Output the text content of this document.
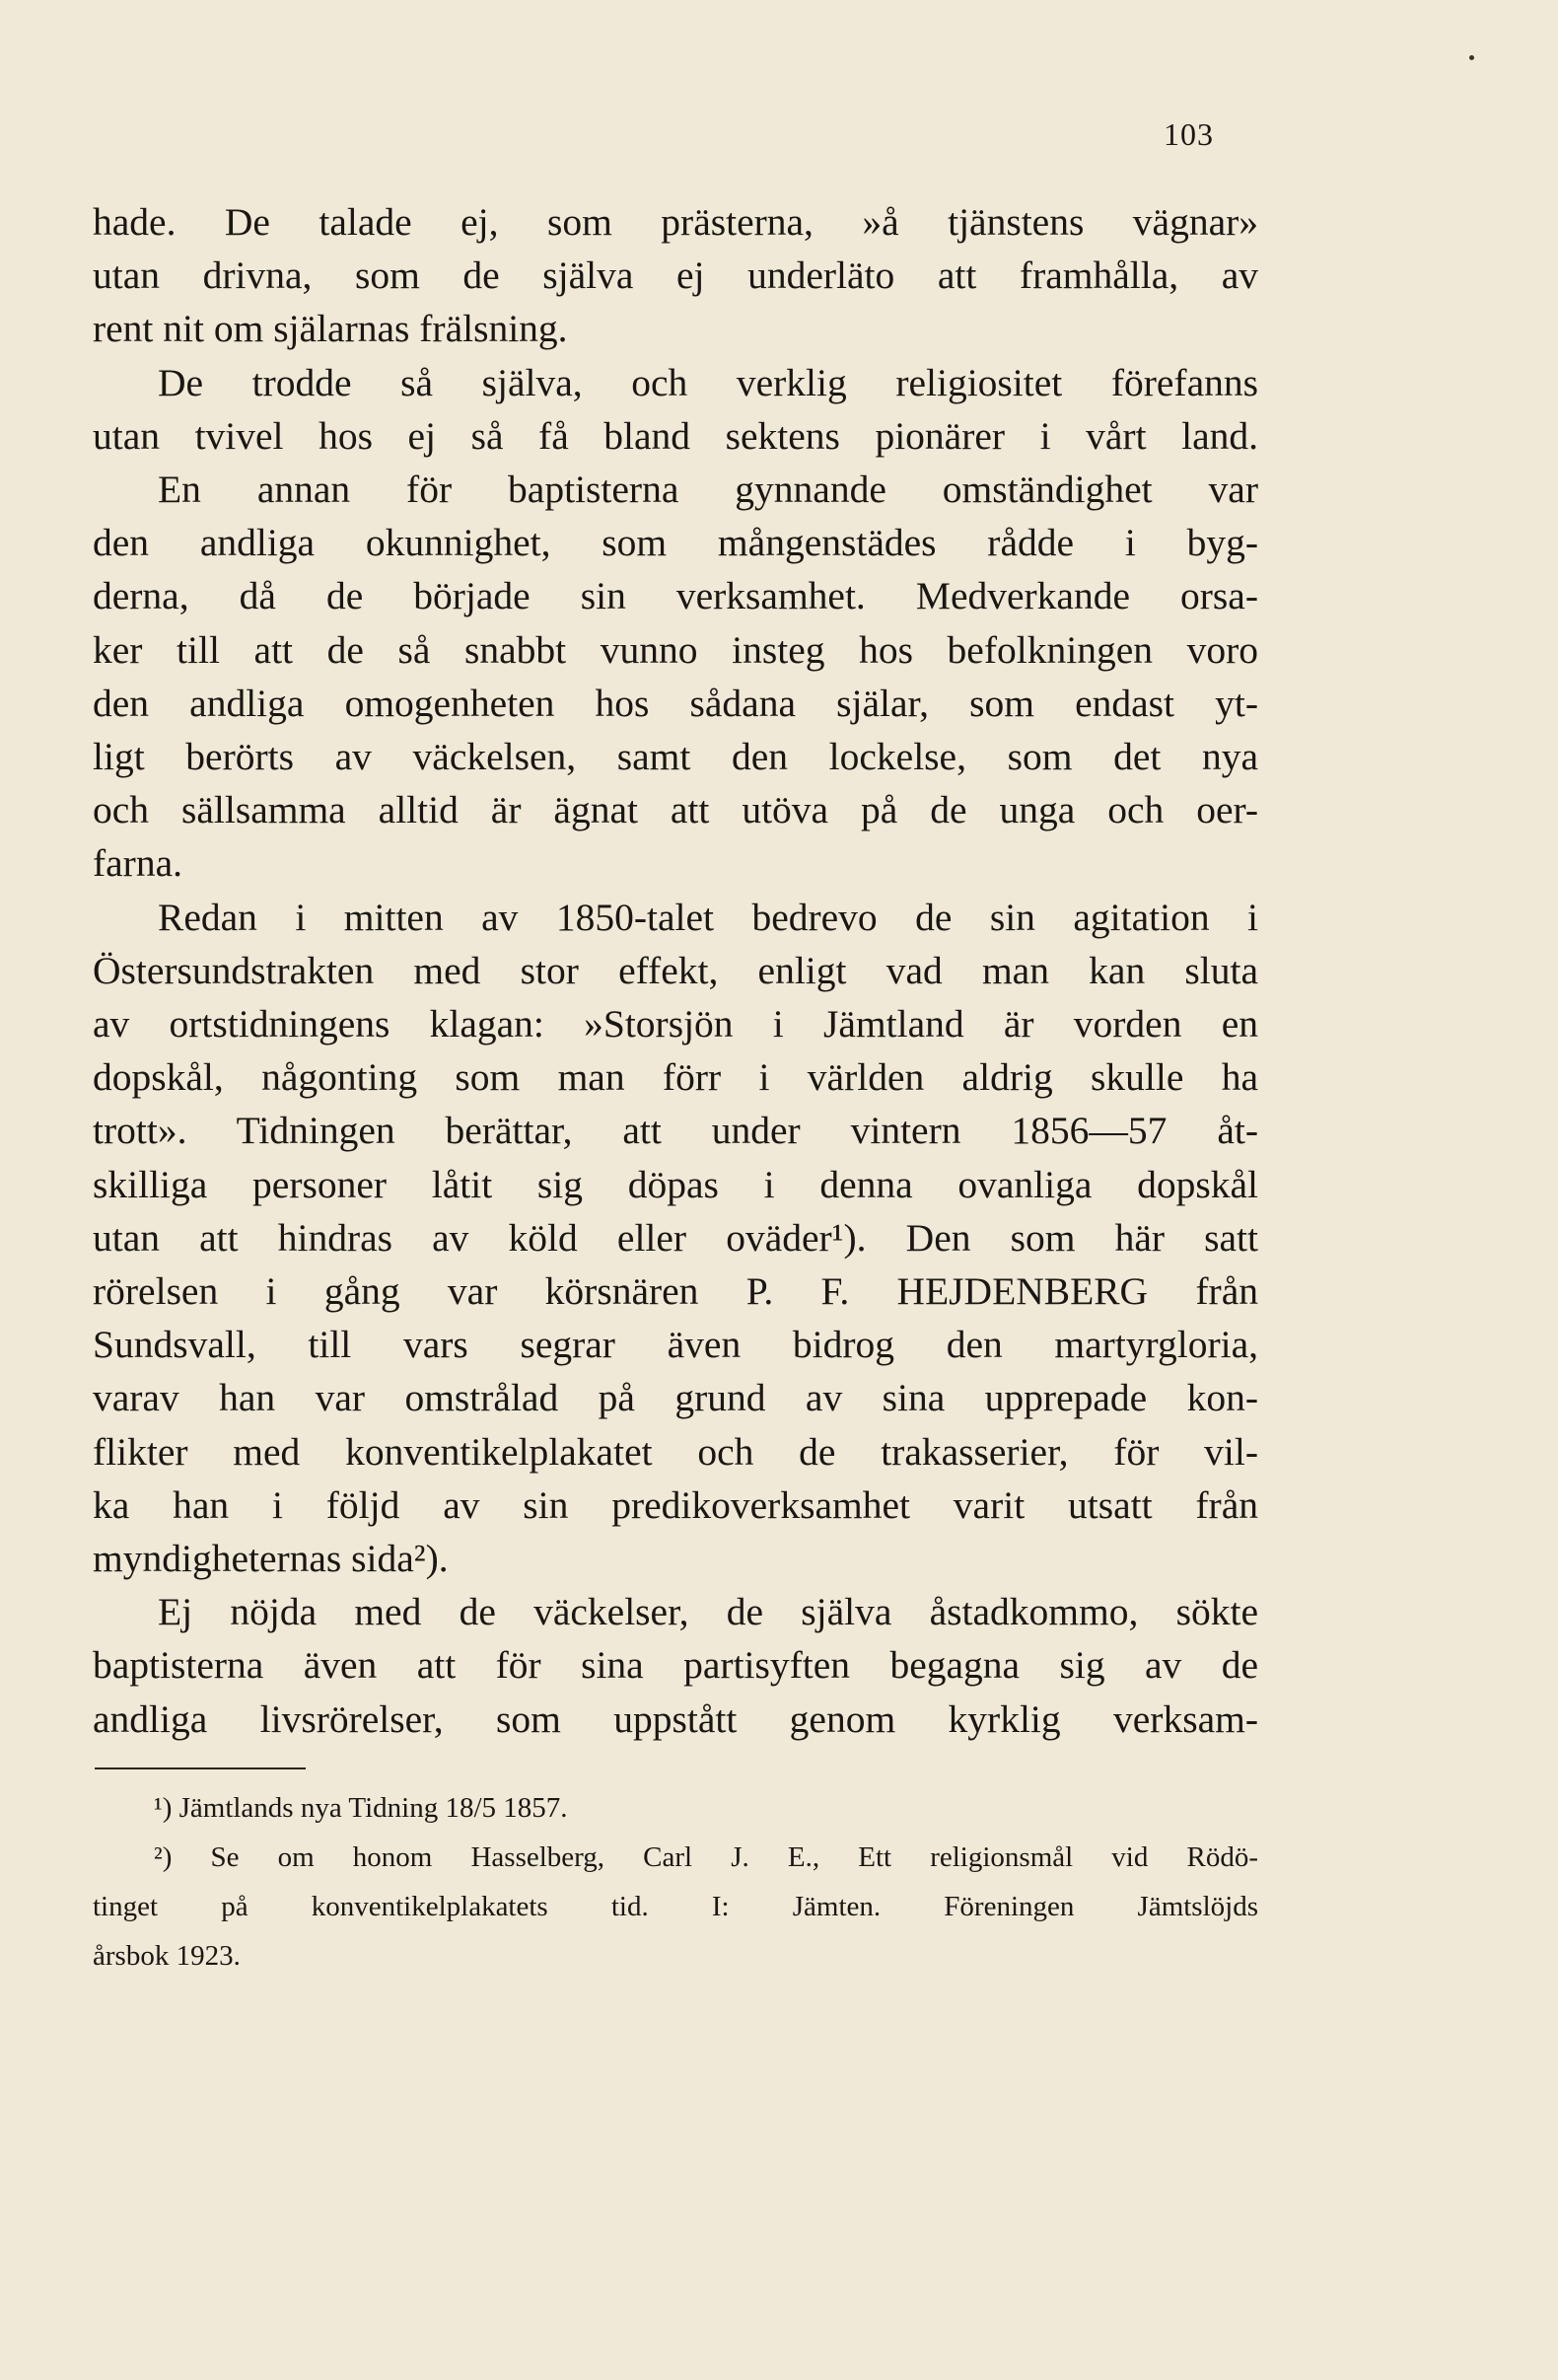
103
hade. De talade ej, som prästerna, »å tjänstens vägnar»
utan drivna, som de själva ej underläto att framhålla, av
rent nit om själarnas frälsning.
De trodde så själva, och verklig religiositet förefanns
utan tvivel hos ej så få bland sektens pionärer i vårt land.
En annan för baptisterna gynnande omständighet var
den andliga okunnighet, som mångenstädes rådde i byg-
derna, då de började sin verksamhet. Medverkande orsa-
ker till att de så snabbt vunno insteg hos befolkningen voro
den andliga omogenheten hos sådana själar, som endast yt-
ligt berörts av väckelsen, samt den lockelse, som det nya
och sällsamma alltid är ägnat att utöva på de unga och oer-
farna.
Redan i mitten av 1850-talet bedrevo de sin agitation i
Östersundstrakten med stor effekt, enligt vad man kan sluta
av ortstidningens klagan: »Storsjön i Jämtland är vorden en
dopskål, någonting som man förr i världen aldrig skulle ha
trott». Tidningen berättar, att under vintern 1856—57 åt-
skilliga personer låtit sig döpas i denna ovanliga dopskål
utan att hindras av köld eller oväder¹). Den som här satt
rörelsen i gång var körsnären P. F. HEJDENBERG från
Sundsvall, till vars segrar även bidrog den martyrgloria,
varav han var omstrålad på grund av sina upprepade kon-
flikter med konventikelplakatet och de trakasserier, för vil-
ka han i följd av sin predikoverksamhet varit utsatt från
myndigheternas sida²).
Ej nöjda med de väckelser, de själva åstadkommo, sökte
baptisterna även att för sina partisyften begagna sig av de
andliga livsrörelser, som uppstått genom kyrklig verksam-
¹) Jämtlands nya Tidning 18/5 1857.
²) Se om honom Hasselberg, Carl J. E., Ett religionsmål vid Rödö-
tinget på konventikelplakatets tid. I: Jämten. Föreningen Jämtslöjds
årsbok 1923.
